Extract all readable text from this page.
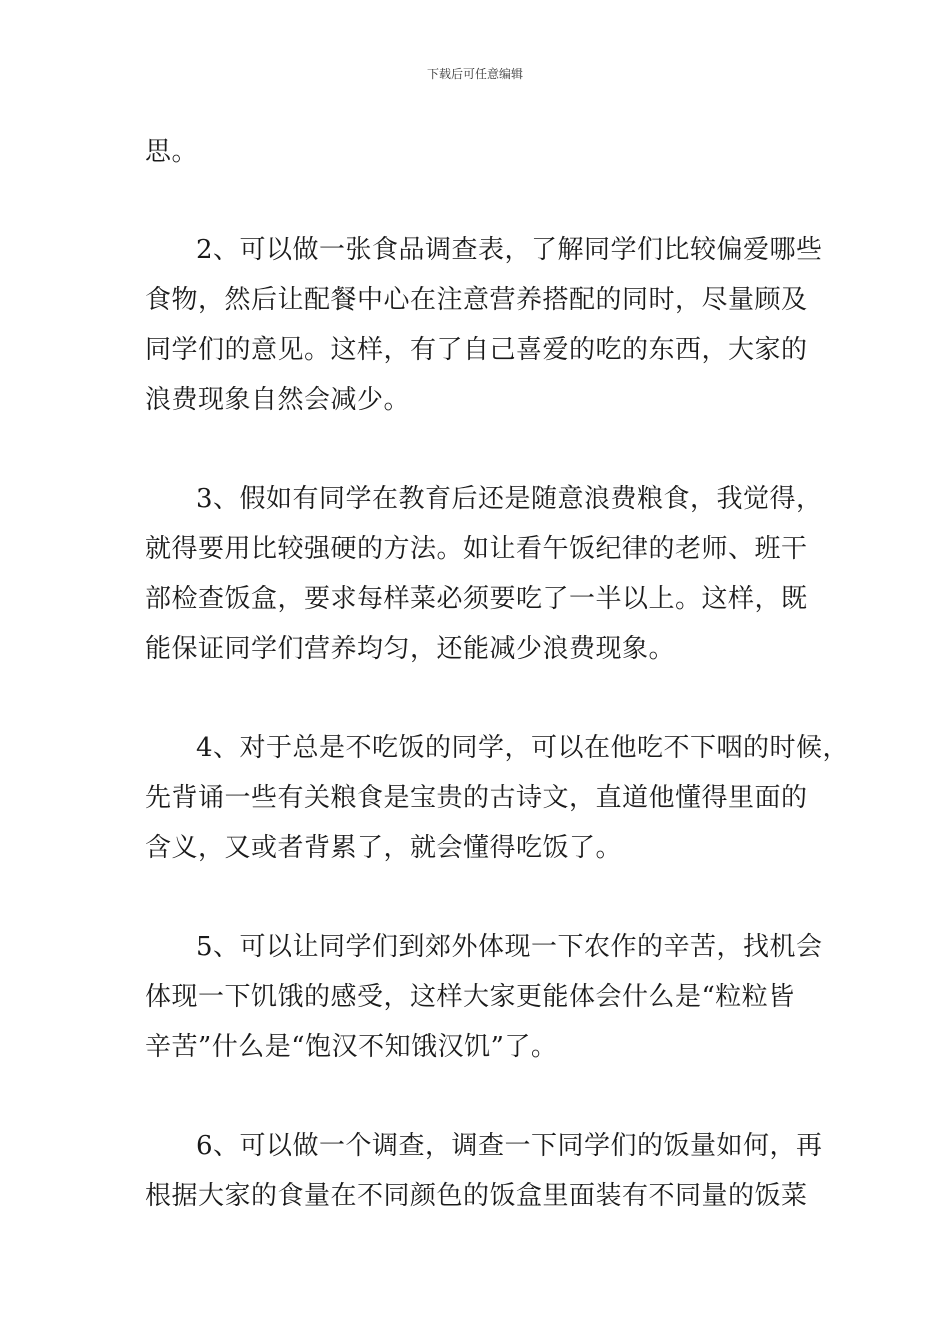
下载后可任意编辑
思。
2、可以做一张食品调查表，了解同学们比较偏爱哪些
食物，然后让配餐中心在注意营养搭配的同时，尽量顾及
同学们的意见。这样，有了自己喜爱的吃的东西，大家的
浪费现象自然会减少。
3、假如有同学在教育后还是随意浪费粮食，我觉得，
就得要用比较强硬的方法。如让看午饭纪律的老师、班干
部检查饭盒，要求每样菜必须要吃了一半以上。这样，既
能保证同学们营养均匀，还能减少浪费现象。
4、对于总是不吃饭的同学，可以在他吃不下咽的时候，
先背诵一些有关粮食是宝贵的古诗文，直道他懂得里面的
含义，又或者背累了，就会懂得吃饭了。
5、可以让同学们到郊外体现一下农作的辛苦，找机会
体现一下饥饿的感受，这样大家更能体会什么是“粒粒皆
辛苦”什么是“饱汉不知饿汉饥”了。
6、可以做一个调查，调查一下同学们的饭量如何，再
根据大家的食量在不同颜色的饭盒里面装有不同量的饭菜
